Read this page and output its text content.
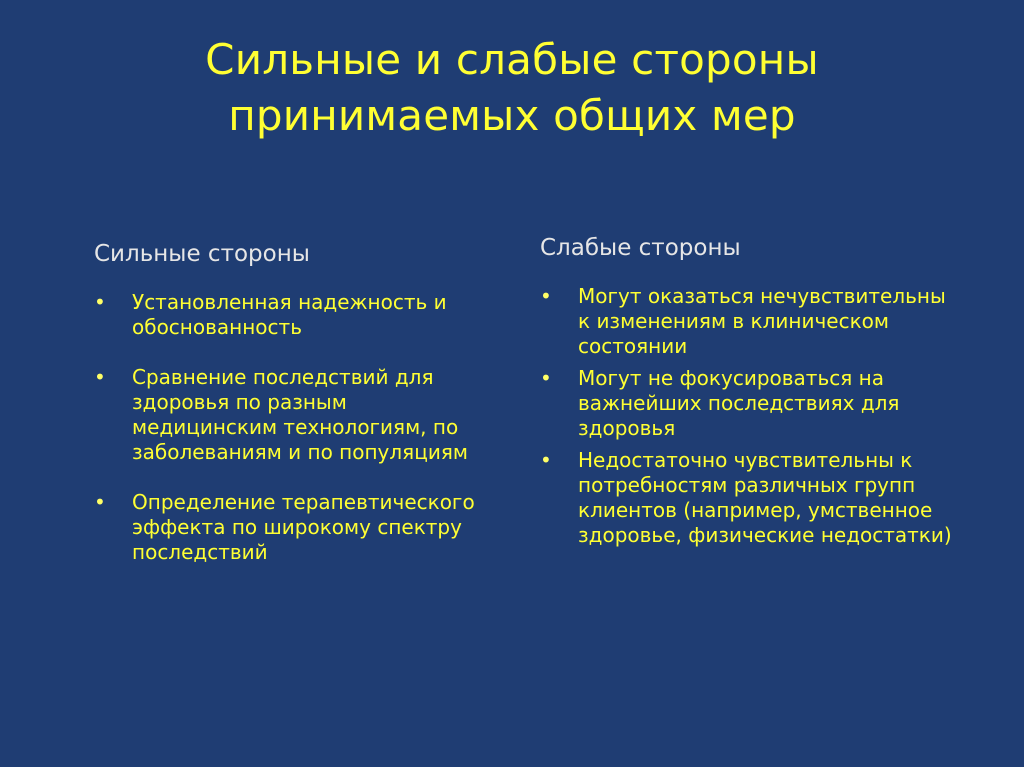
Сильные и слабые стороны принимаемых общих мер

Сильные стороны

• Установленная надежность и обоснованность
• Сравнение последствий для здоровья по разным медицинским технологиям, по заболеваниям и по популяциям
• Определение терапевтического эффекта по широкому спектру последствий

Слабые стороны

• Могут оказаться нечувствительны к изменениям в клиническом состоянии
• Могут не фокусироваться на важнейших последствиях для здоровья
• Недостаточно чувствительны к потребностям различных групп клиентов (например, умственное здоровье, физические недостатки)
